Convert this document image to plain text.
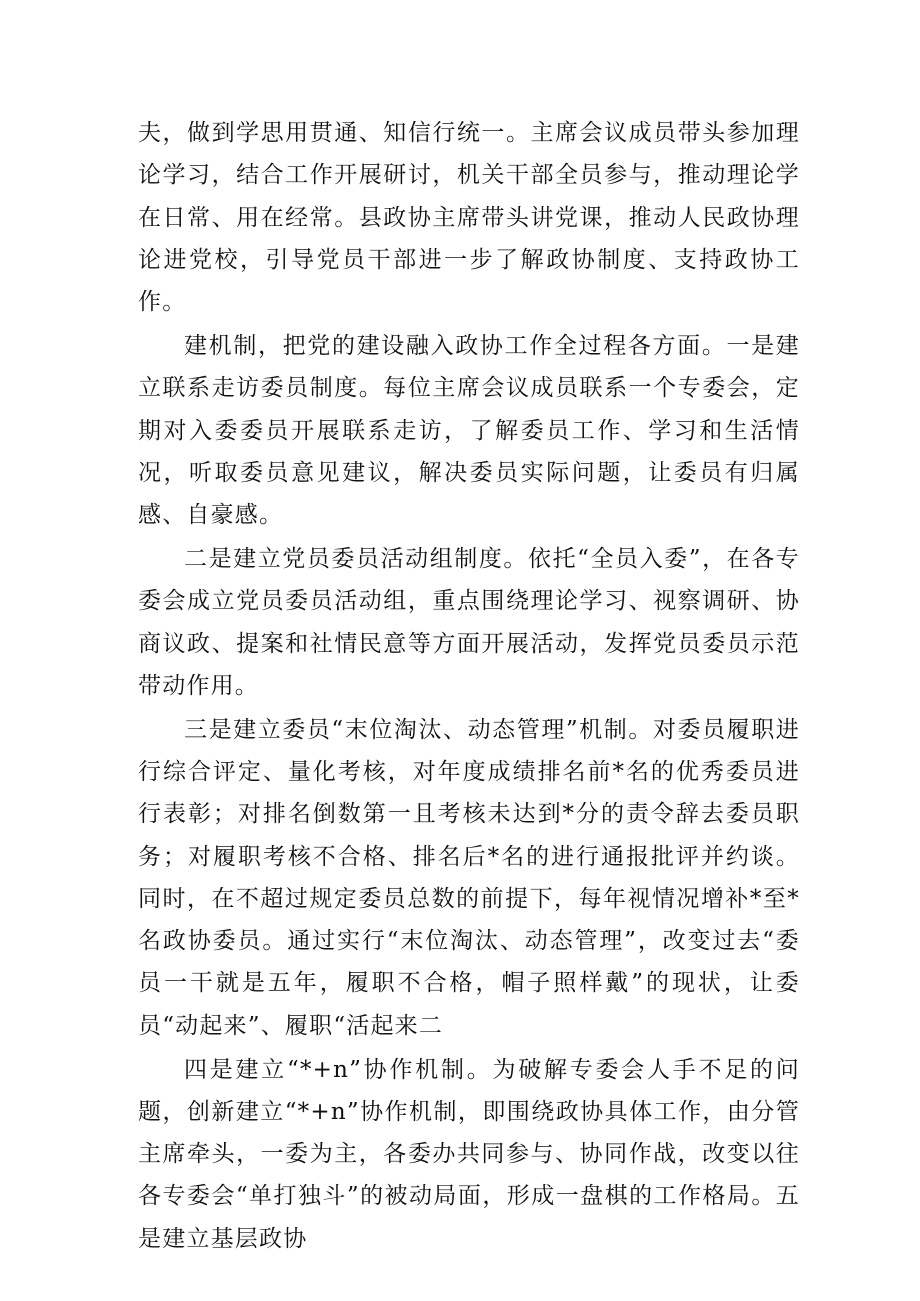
夫，做到学思用贯通、知信行统一。主席会议成员带头参加理论学习，结合工作开展研讨，机关干部全员参与，推动理论学在日常、用在经常。县政协主席带头讲党课，推动人民政协理论进党校，引导党员干部进一步了解政协制度、支持政协工作。

建机制，把党的建设融入政协工作全过程各方面。一是建立联系走访委员制度。每位主席会议成员联系一个专委会，定期对入委委员开展联系走访，了解委员工作、学习和生活情况，听取委员意见建议，解决委员实际问题，让委员有归属感、自豪感。

二是建立党员委员活动组制度。依托“全员入委”，在各专委会成立党员委员活动组，重点围绕理论学习、视察调研、协商议政、提案和社情民意等方面开展活动，发挥党员委员示范带动作用。

三是建立委员“末位淘汰、动态管理”机制。对委员履职进行综合评定、量化考核，对年度成绩排名前*名的优秀委员进行表彰；对排名倒数第一且考核未达到*分的责令辞去委员职务；对履职考核不合格、排名后*名的进行通报批评并约谈。同时，在不超过规定委员总数的前提下，每年视情况增补*至*名政协委员。通过实行“末位淘汰、动态管理”，改变过去“委员一干就是五年，履职不合格，帽子照样戴”的现状，让委员“动起来”、履职“活起来二

四是建立“*+n”协作机制。为破解专委会人手不足的问题，创新建立“*+n”协作机制，即围绕政协具体工作，由分管主席牵头，一委为主，各委办共同参与、协同作战，改变以往各专委会“单打独斗”的被动局面，形成一盘棋的工作格局。五是建立基层政协
